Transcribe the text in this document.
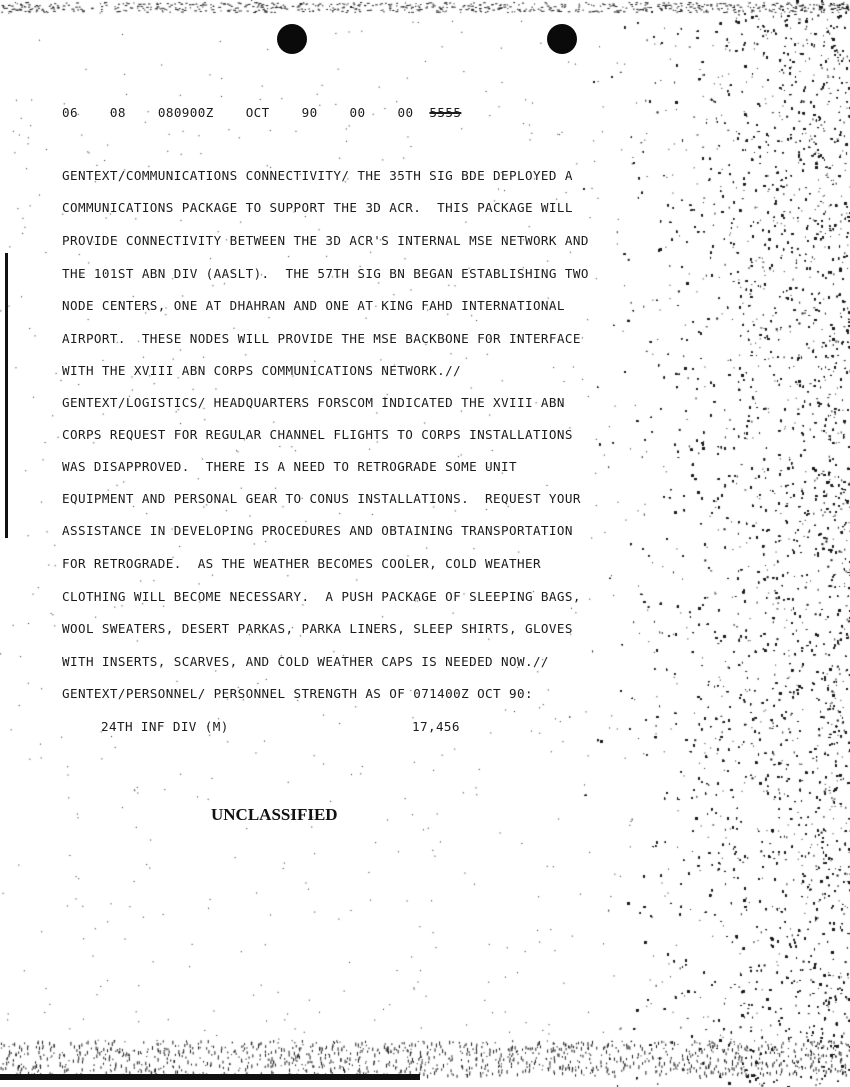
06  08  080900Z  OCT  90  00  00 5555

GENTEXT/COMMUNICATIONS CONNECTIVITY/ THE 35TH SIG BDE DEPLOYED A

COMMUNICATIONS PACKAGE TO SUPPORT THE 3D ACR.  THIS PACKAGE WILL

PROVIDE CONNECTIVITY BETWEEN THE 3D ACR'S INTERNAL MSE NETWORK AND

THE 101ST ABN DIV (AASLT).  THE 57TH SIG BN BEGAN ESTABLISHING TWO

NODE CENTERS, ONE AT DHAHRAN AND ONE AT KING FAHD INTERNATIONAL

AIRPORT.  THESE NODES WILL PROVIDE THE MSE BACKBONE FOR INTERFACE

WITH THE XVIII ABN CORPS COMMUNICATIONS NETWORK.//

GENTEXT/LOGISTICS/ HEADQUARTERS FORSCOM INDICATED THE XVIII ABN

CORPS REQUEST FOR REGULAR CHANNEL FLIGHTS TO CORPS INSTALLATIONS

WAS DISAPPROVED.  THERE IS A NEED TO RETROGRADE SOME UNIT

EQUIPMENT AND PERSONAL GEAR TO CONUS INSTALLATIONS.  REQUEST YOUR

ASSISTANCE IN DEVELOPING PROCEDURES AND OBTAINING TRANSPORTATION

FOR RETROGRADE.  AS THE WEATHER BECOMES COOLER, COLD WEATHER

CLOTHING WILL BECOME NECESSARY.  A PUSH PACKAGE OF SLEEPING BAGS,

WOOL SWEATERS, DESERT PARKAS, PARKA LINERS, SLEEP SHIRTS, GLOVES

WITH INSERTS, SCARVES, AND COLD WEATHER CAPS IS NEEDED NOW.//

GENTEXT/PERSONNEL/ PERSONNEL STRENGTH AS OF 071400Z OCT 90:

24TH INF DIV (M)	17,456

UNCLASSIFIED
